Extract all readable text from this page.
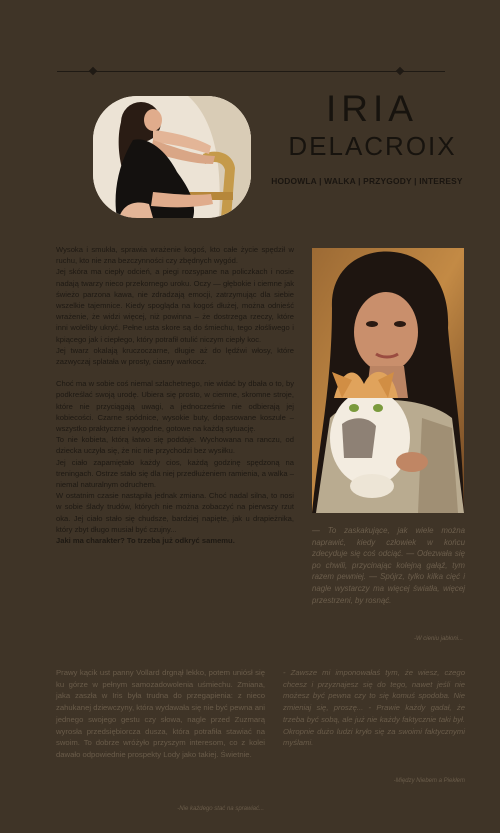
IRIA
DELACROIX
HODOWLA | WALKA | PRZYGODY | INTERESY

Wysoka i smukła, sprawia wrażenie kogoś, kto całe życie spędził w ruchu, kto nie zna bezczynności czy zbędnych wygód.

Jej skóra ma ciepły odcień, a piegi rozsypane na policzkach i nosie nadają twarzy nieco przekornego uroku. Oczy — głębokie i ciemne jak świeżo parzona kawa, nie zdradzają emocji, zatrzymując dla siebie wszelkie tajemnice. Kiedy spogląda na kogoś dłużej, można odnieść wrażenie, że widzi więcej, niż powinna – że dostrzega rzeczy, które inni woleliby ukryć. Pełne usta skore są do śmiechu, tego złośliwego i kpiącego jak i ciepłego, który potrafił otulić niczym ciepły koc.

Jej twarz okalają kruczoczarne, długie aż do lędźwi włosy, które zazwyczaj splatała w prosty, ciasny warkocz.

Choć ma w sobie coś niemal szlachetnego, nie widać by dbała o to, by podkreślać swoją urodę. Ubiera się prosto, w ciemne, skromne stroje, które nie przyciągają uwagi, a jednocześnie nie odbierają jej kobiecości. Czarne spódnice, wysokie buty, dopasowane koszule – wszystko praktyczne i wygodne, gotowe na każdą sytuację.

To nie kobieta, którą łatwo się poddaje. Wychowana na ranczu, od dziecka uczyła się, że nic nie przychodzi bez wysiłku.

Jej ciało zapamiętało każdy cios, każdą godzinę spędzoną na treningach. Ostrze stało się dla niej przedłużeniem ramienia, a walka – niemal naturalnym odruchem.

W ostatnim czasie nastąpiła jednak zmiana. Choć nadal silna, to nosi w sobie ślady trudów, których nie można zobaczyć na pierwszy rzut oka. Jej ciało stało się chudsze, bardziej napięte, jak u drapieżnika, który zbyt długo musiał być czujny...

Jaki ma charakter? To trzeba już odkryć samemu.

— To zaskakujące, jak wiele można naprawić, kiedy człowiek w końcu zdecyduje się coś odciąć. — Odezwała się po chwili, przycinając kolejną gałąź, tym razem pewniej. — Spójrz, tylko kilka cięć i nagle wystarczy ma więcej światła, więcej przestrzeni, by rosnąć.
-W cieniu jabłoni...
Prawy kącik ust panny Vollard drgnął lekko, potem uniósł się ku górze w pełnym samozadowolenia uśmiechu. Zmiana, jaka zaszła w Iris była trudna do przegapienia: z nieco zahukanej dziewczyny, która wydawała się nie być pewna ani jednego swojego gestu czy słowa, nagle przed Zuzmarą wyrosła przedsiębiorcza dusza, która potrafiła stawiać na swoim. To dobrze wróżyło przyszym interesom, co z kolei dawało odpowiednie prospekty Lody jako takiej. Świetnie.
-Nie każdego stać na sprawiać...
- Zawsze mi imponowałaś tym, że wiesz, czego chcesz i przyznajesz się do tego, nawet jeśli nie możesz być pewna czy to się komuś spodoba. Nie zmieniaj się, proszę... - Prawie każdy gadał, że trzeba być sobą, ale już nie każdy faktycznie taki był. Okropnie dużo ludzi kryło się za swoimi faktycznymi myślami.
-Między Niebem a Piekłem
